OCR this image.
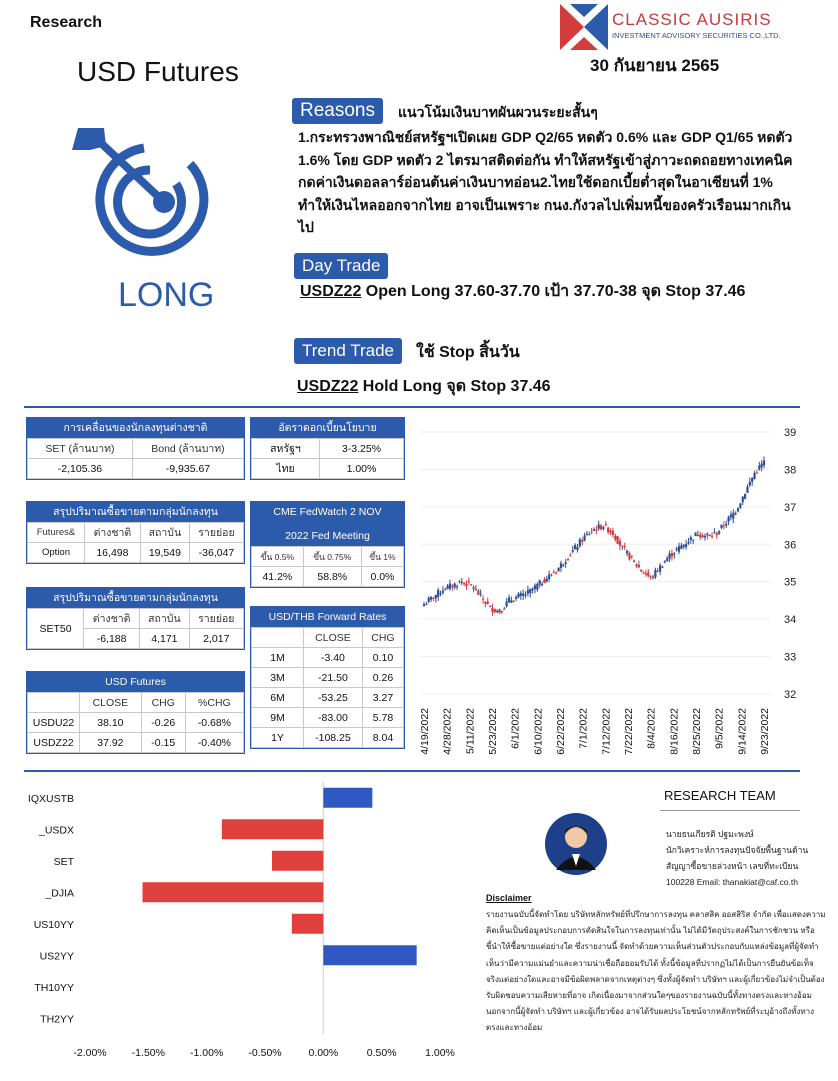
Research
USD Futures
CLASSIC AUSIRIS
INVESTMENT ADVISORY SECURITIES CO.,LTD.
30 กันยายน 2565
LONG
Reasons	แนวโน้มเงินบาทผันผวนระยะสั้นๆ
1.กระทรวงพาณิชย์สหรัฐฯเปิดเผย GDP Q2/65 หดตัว 0.6% และ GDP Q1/65 หดตัว 1.6% โดย GDP หดตัว 2 ไตรมาสติดต่อกัน ทำให้สหรัฐเข้าสู่ภาวะถดถอยทางเทคนิค กดค่าเงินดอลลาร์อ่อนต้นค่าเงินบาทอ่อน2.ไทยใช้ดอกเบี้ยต่ำสุดในอาเซียนที่ 1% ทำให้เงินไหลออกจากไทย อาจเป็นเพราะ กนง.กังวลไปเพิ่มหนี้ของครัวเรือนมากเกินไป
Day Trade
USDZ22 Open Long 37.60-37.70 เป้า 37.70-38 จุด Stop 37.46
Trend Trade	ใช้ Stop สิ้นวัน
USDZ22 Hold Long จุด Stop 37.46
การเคลื่อนของนักลงทุนต่างชาติ
SET (ล้านบาท)	Bond (ล้านบาท)
-2,105.36	-9,935.67
อัตราดอกเบี้ยนโยบาย
สหรัฐฯ	3-3.25%
ไทย	1.00%
สรุปปริมาณซื้อขายตามกลุ่มนักลงทุน
Futures&	ต่างชาติ	สถาบัน	รายย่อย
Option	16,498	19,549	-36,047
CME FedWatch 2 NOV
2022 Fed Meeting
ขึ้น 0.5%	ขึ้น 0.75%	ขึ้น 1%
41.2%	58.8%	0.0%
สรุปปริมาณซื้อขายตามกลุ่มนักลงทุน
SET50	ต่างชาติ	สถาบัน	รายย่อย
	-6,188	4,171	2,017
USD/THB Forward Rates
	CLOSE	CHG
1M	-3.40	0.10
3M	-21.50	0.26
6M	-53.25	3.27
9M	-83.00	5.78
1Y	-108.25	8.04
USD Futures
	CLOSE	CHG	%CHG
USDU22	38.10	-0.26	-0.68%
USDZ22	37.92	-0.15	-0.40%
32
33
34
35
36
37
38
39
4/19/2022 4/28/2022 5/11/2022 5/23/2022 6/1/2022 6/10/2022 6/22/2022 7/1/2022 7/12/2022 7/22/2022 8/4/2022 8/16/2022 8/25/2022 9/5/2022 9/14/2022 9/23/2022
IQXUSTB
_USDX
SET
_DJIA
US10YY
US2YY
TH10YY
TH2YY
-2.00% -1.50% -1.00% -0.50%	0.00%	0.50%	1.00%
RESEARCH TEAM
นายธนเกียรติ ปฐมะพงษ์
นักวิเคราะห์การลงทุนปัจจัยพื้นฐานด้าน
สัญญาซื้อขายล่วงหน้า เลขที่ทะเบียน
100228 Email: thanakiat@caf.co.th
Disclaimer
รายงานฉบับนี้จัดทำโดย บริษัทหลักทรัพย์ที่ปรึกษาการลงทุน คลาสสิค ออสสิริส จำกัด เพื่อแสดงความคิดเห็นเป็นข้อมูลประกอบการตัดสินใจในการลงทุนเท่านั้น ไม่ได้มีวัตถุประสงค์ในการชักชวน หรือชี้นำให้ซื้อขายแต่อย่างใด ซึ่งรายงานนี้ จัดทำด้วยความเห็นส่วนตัวประกอบกับแหล่งข้อมูลที่ผู้จัดทำเห็นว่ามีความแม่นยำและความน่าเชื่อถือยอมรับได้ ทั้งนี้ข้อมูลที่ปรากฏไม่ได้เป็นการยืนยันข้อเท็จจริงแต่อย่างใดและอาจมีข้อผิดพลาดจากเหตุต่างๆ ซึ่งทั้งผู้จัดทำ บริษัทฯ และผู้เกี่ยวข้องไม่จำเป็นต้องรับผิดชอบความเสียหายที่อาจ เกิดเนื่องมาจากส่วนใดๆของรายงานฉบับนี้ทั้งทางตรงและทางอ้อม นอกจากนี้ผู้จัดทำ บริษัทฯ และผู้เกี่ยวข้อง อาจได้รับผลประโยชน์จากหลักทรัพย์ที่ระบุอ้างถึงทั้งทางตรงและทางอ้อม
